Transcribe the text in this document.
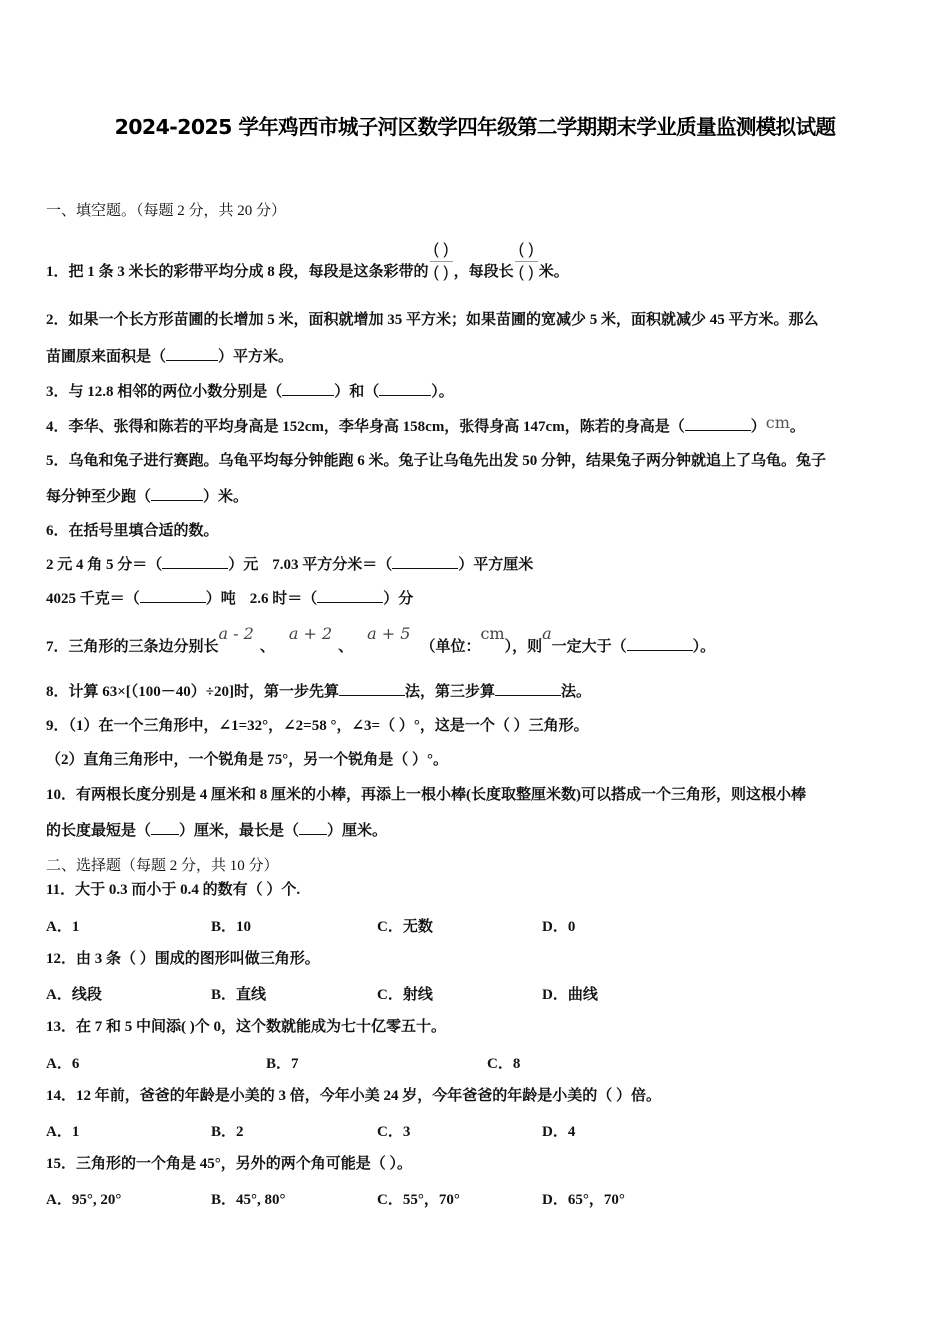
2024-2025 学年鸡西市城子河区数学四年级第二学期期末学业质量监测模拟试题
一、填空题。（每题 2 分，共 20 分）
1．把 1 条 3 米长的彩带平均分成 8 段，每段是这条彩带的 $\frac{( )}{( )}$ ，每段长 $\frac{( )}{( )}$ 米。
2．如果一个长方形苗圃的长增加 5 米，面积就增加 35 平方米；如果苗圃的宽减少 5 米，面积就减少 45 平方米。那么
苗圃原来面积是（	）平方米。
3．与 12.8 相邻的两位小数分别是（	）和（	）。
4．李华、张得和陈若的平均身高是 152cm，李华身高 158cm，张得身高 147cm，陈若的身高是（	）cm。
5．乌龟和兔子进行赛跑。乌龟平均每分钟能跑 6 米。兔子让乌龟先出发 50 分钟，结果兔子两分钟就追上了乌龟。兔子
每分钟至少跑（	）米。
6．在括号里填合适的数。
2 元 4 角 5 分＝（	）元 7.03 平方分米＝（	）平方厘米
4025 千克＝（	）吨 2.6 时＝（	）分
7．三角形的三条边分别长a - 2、a + 2、a + 5（单位：cm），则a一定大于（	）。
8．计算 63×[（100－40）÷20]时，第一步先算	法，第三步算	法。
9．（1）在一个三角形中，∠1=32°，∠2=58 °，∠3=（ ）°，这是一个（ ）三角形。
（2）直角三角形中，一个锐角是 75°，另一个锐角是（ ）°。
10．有两根长度分别是 4 厘米和 8 厘米的小棒，再添上一根小棒(长度取整厘米数)可以搭成一个三角形，则这根小棒
的长度最短是（ ）厘米，最长是（ ）厘米。
二、选择题（每题 2 分，共 10 分）
11．大于 0.3 而小于 0.4 的数有（ ）个.
A．1	B．10	C．无数	D．0
12．由 3 条（ ）围成的图形叫做三角形。
A．线段	B．直线	C．射线	D．曲线
13．在 7 和 5 中间添( )个 0，这个数就能成为七十亿零五十。
A．6	B．7	C．8
14．12 年前，爸爸的年龄是小美的 3 倍，今年小美 24 岁，今年爸爸的年龄是小美的（ ）倍。
A．1	B．2	C．3	D．4
15．三角形的一个角是 45°，另外的两个角可能是（ ）。
A．95°, 20°	B．45°, 80°	C．55°，70°	D．65°，70°
